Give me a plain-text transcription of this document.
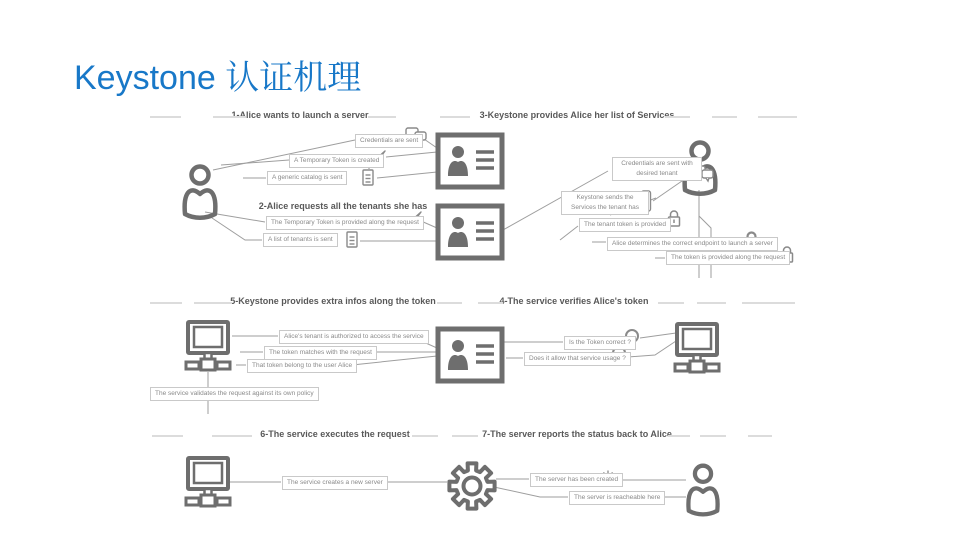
Keystone 认证机理
1-Alice wants to launch a server
2-Alice requests all the tenants she has
3-Keystone provides Alice her list of Services
4-The service verifies Alice's token
5-Keystone provides extra infos along the token
6-The service executes the request	7-The server reports the status back to Alice
Credentials are sent
A Temporary Token is created
A generic catalog is sent
The Temporary Token is provided along the request
A list of tenants is sent
Credentials are sent with desired tenant
Keystone sends the Services the tenant has
The tenant token is provided
Alice determines the correct endpoint to launch a server
The token is provided along the request
Is the Token correct ?
Does it allow that service usage ?
Alice's tenant is authorized to access the service
The token matches with the request
That token belong to the user Alice
The service validates the request against its own policy
The service creates a new server	The server has been created
The server is reacheable here
